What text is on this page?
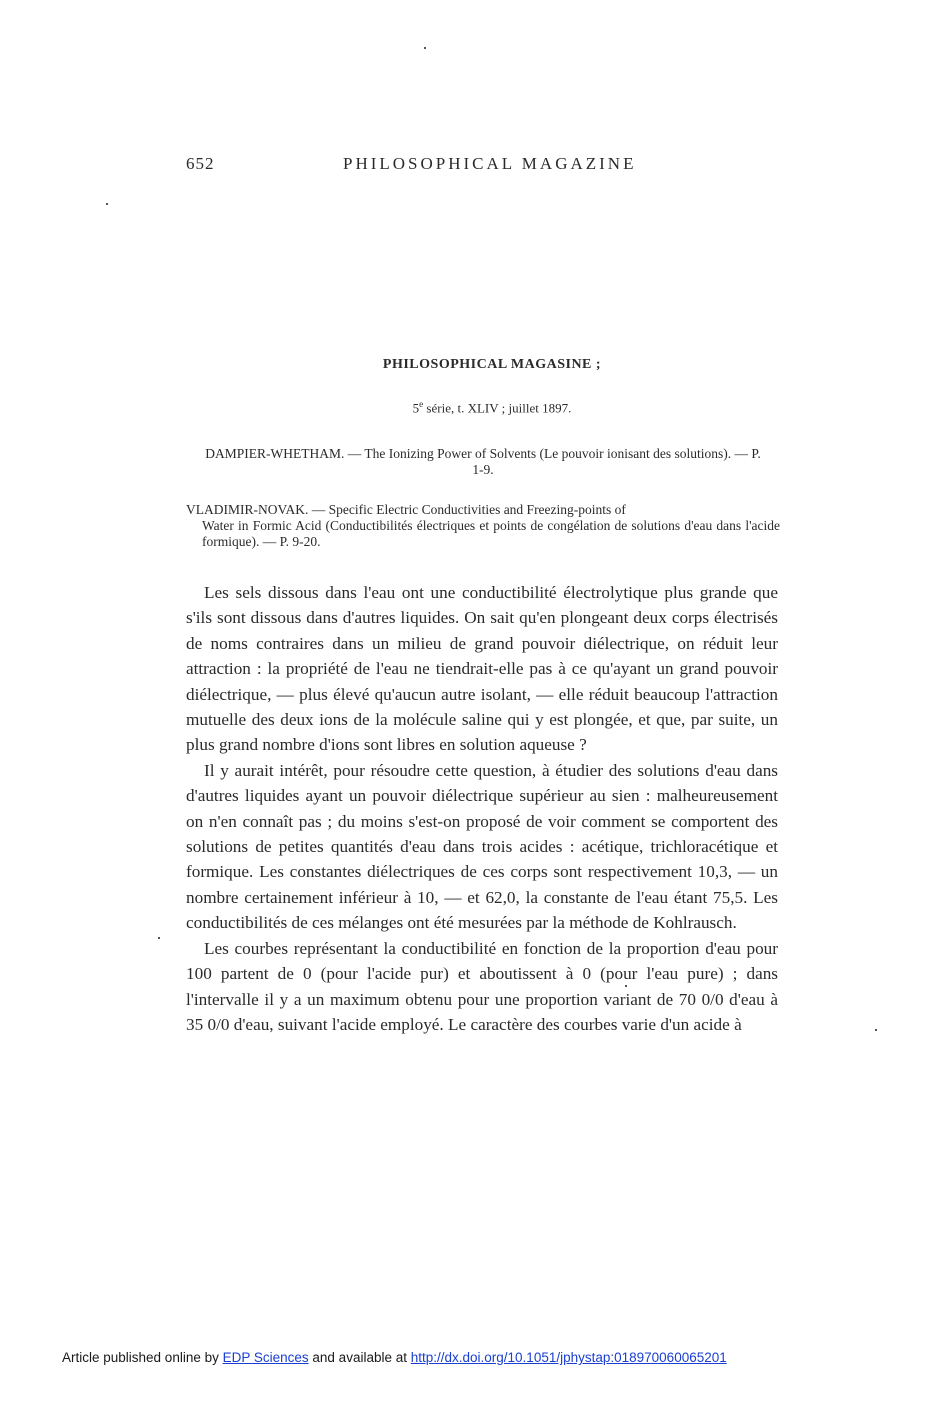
652	PHILOSOPHICAL MAGAZINE
PHILOSOPHICAL MAGASINE ;
5e série, t. XLIV ; juillet 1897.
DAMPIER-WHETHAM. — The Ionizing Power of Solvents (Le pouvoir ionisant des solutions). — P. 1-9.
VLADIMIR-NOVAK. — Specific Electric Conductivities and Freezing-points of
Water in Formic Acid (Conductibilités électriques et points de congélation de solutions d'eau dans l'acide formique). — P. 9-20.

Les sels dissous dans l'eau ont une conductibilité électrolytique plus grande que s'ils sont dissous dans d'autres liquides. On sait qu'en plongeant deux corps électrisés de noms contraires dans un milieu de grand pouvoir diélectrique, on réduit leur attraction : la propriété de l'eau ne tiendrait-elle pas à ce qu'ayant un grand pouvoir diélectrique, — plus élevé qu'aucun autre isolant, — elle réduit beaucoup l'attraction mutuelle des deux ions de la molécule saline qui y est plongée, et que, par suite, un plus grand nombre d'ions sont libres en solution aqueuse ?

Il y aurait intérêt, pour résoudre cette question, à étudier des solutions d'eau dans d'autres liquides ayant un pouvoir diélectrique supérieur au sien : malheureusement on n'en connaît pas ; du moins s'est-on proposé de voir comment se comportent des solutions de petites quantités d'eau dans trois acides : acétique, trichloracétique et formique. Les constantes diélectriques de ces corps sont respectivement 10,3, — un nombre certainement inférieur à 10, — et 62,0, la constante de l'eau étant 75,5. Les conductibilités de ces mélanges ont été mesurées par la méthode de Kohlrausch.

Les courbes représentant la conductibilité en fonction de la proportion d'eau pour 100 partent de 0 (pour l'acide pur) et aboutissent à 0 (pour l'eau pure) ; dans l'intervalle il y a un maximum obtenu pour une proportion variant de 70 0/0 d'eau à 35 0/0 d'eau, suivant l'acide employé. Le caractère des courbes varie d'un acide à

Article published online by EDP Sciences and available at http://dx.doi.org/10.1051/jphystap:018970060065201
